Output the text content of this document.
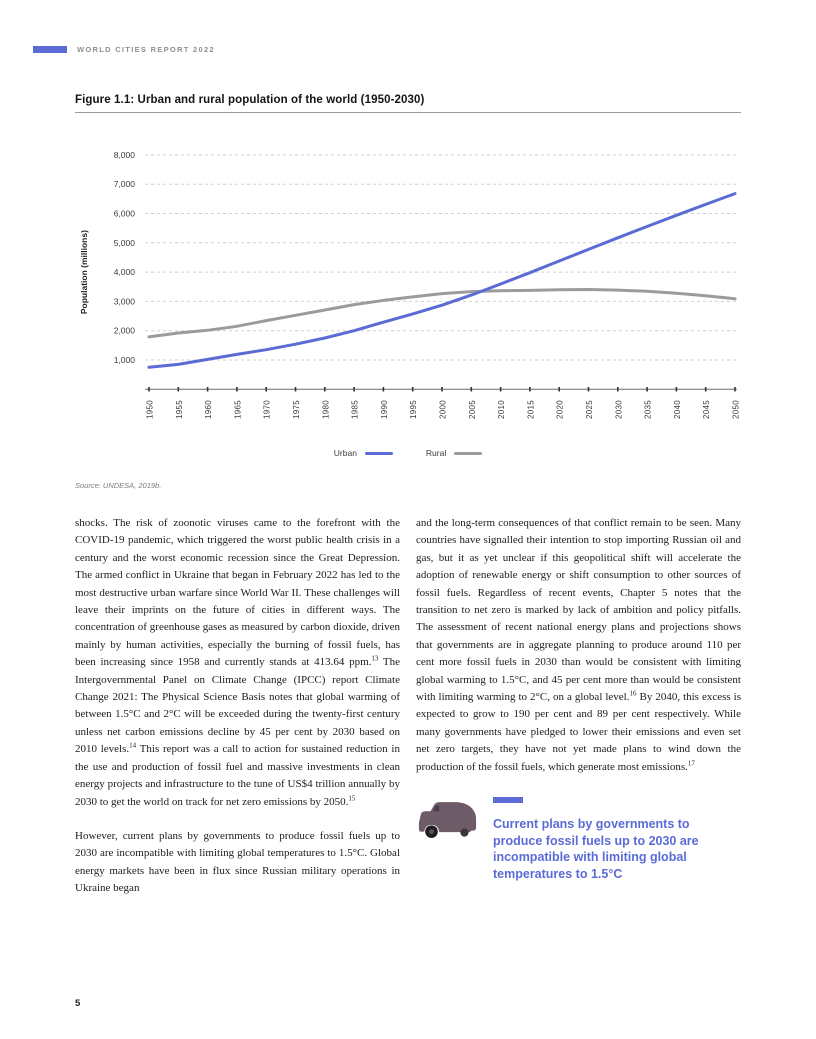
WORLD CITIES REPORT 2022
Figure 1.1: Urban and rural population of the world (1950-2030)
1,000
2,000
3,000
4,000
5,000
6,000
7,000
8,000
Population (millions)
1950	1955	1960	1965	1970	1975	1980	1985	1990	1995	2000	2005	2010	2015	2020	2025	2030	2035	2040	2045	2050
Urban	Rural
Source: UNDESA, 2019b.

shocks. The risk of zoonotic viruses came to the forefront with the COVID-19 pandemic, which triggered the worst public health crisis in a century and the worst economic recession since the Great Depression. The armed conflict in Ukraine that began in February 2022 has led to the most destructive urban warfare since World War II. These challenges will leave their imprints on the future of cities in different ways. The concentration of greenhouse gases as measured by carbon dioxide, driven mainly by human activities, especially the burning of fossil fuels, has been increasing since 1958 and currently stands at 413.64 ppm.$^{13}$ The Intergovernmental Panel on Climate Change (IPCC) report Climate Change 2021: The Physical Science Basis notes that global warming of between 1.5°C and 2°C will be exceeded during the twenty-first century unless net carbon emissions decline by 45 per cent by 2030 based on 2010 levels.$^{14}$ This report was a call to action for sustained reduction in the use and production of fossil fuel and massive investments in clean energy projects and infrastructure to the tune of US$4 trillion annually by 2030 to get the world on track for net zero emissions by 2050.15

However, current plans by governments to produce fossil fuels up to 2030 are incompatible with limiting global temperatures to 1.5°C. Global energy markets have been in flux since Russian military operations in Ukraine began

and the long-term consequences of that conflict remain to be seen. Many countries have signalled their intention to stop importing Russian oil and gas, but it as yet unclear if this geopolitical shift will accelerate the adoption of renewable energy or shift consumption to other sources of fossil fuels. Regardless of recent events, Chapter 5 notes that the transition to net zero is marked by lack of ambition and policy pitfalls. The assessment of recent national energy plans and projections shows that governments are in aggregate planning to produce around 110 per cent more fossil fuels in 2030 than would be consistent with limiting global warming to 1.5°C, and 45 per cent more than would be consistent with limiting warming to 2°C, on a global level.$^{16}$ By 2040, this excess is expected to grow to 190 per cent and 89 per cent respectively. While many governments have pledged to lower their emissions and even set net zero targets, they have not yet made plans to wind down the production of the fossil fuels, which generate most emissions.$^{17}$

Current plans by governments to produce fossil fuels up to 2030 are incompatible with limiting global temperatures to 1.5°C
5
